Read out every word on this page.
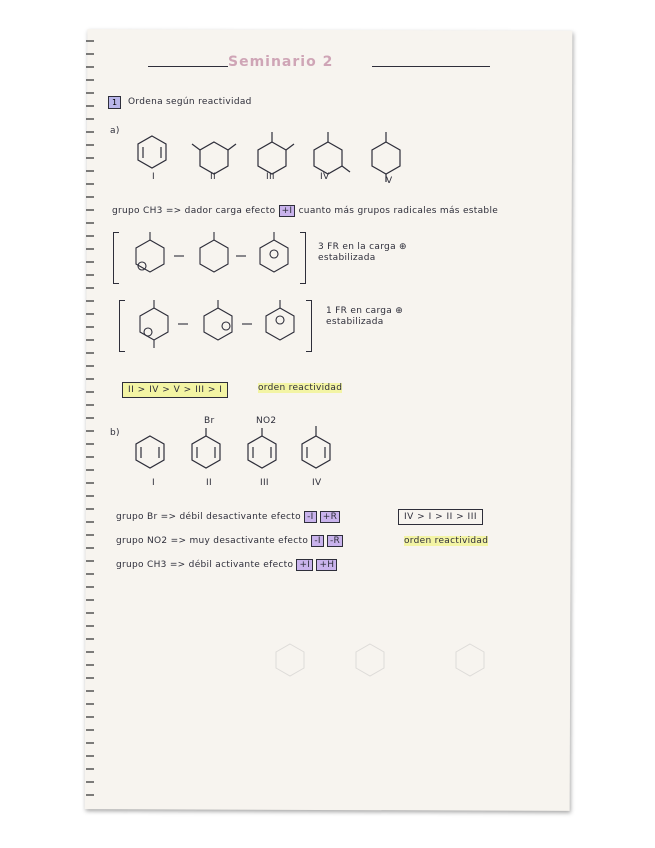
Seminario 2
1	Ordena según reactividad
a)
I	II	III	IV	V
grupo CH3 => dador carga efecto +I cuanto más grupos radicales más estable
3 FR en la carga ⊕ estabilizada
1 FR en carga ⊕ estabilizada
II > IV > V > III > I	orden reactividad
b)
Br	NO2
I	II	III	IV
grupo Br => débil desactivante efecto -I +R
grupo NO2 => muy desactivante efecto -I -R
grupo CH3 => débil activante efecto +I +H
IV > I > II > III
orden reactividad
